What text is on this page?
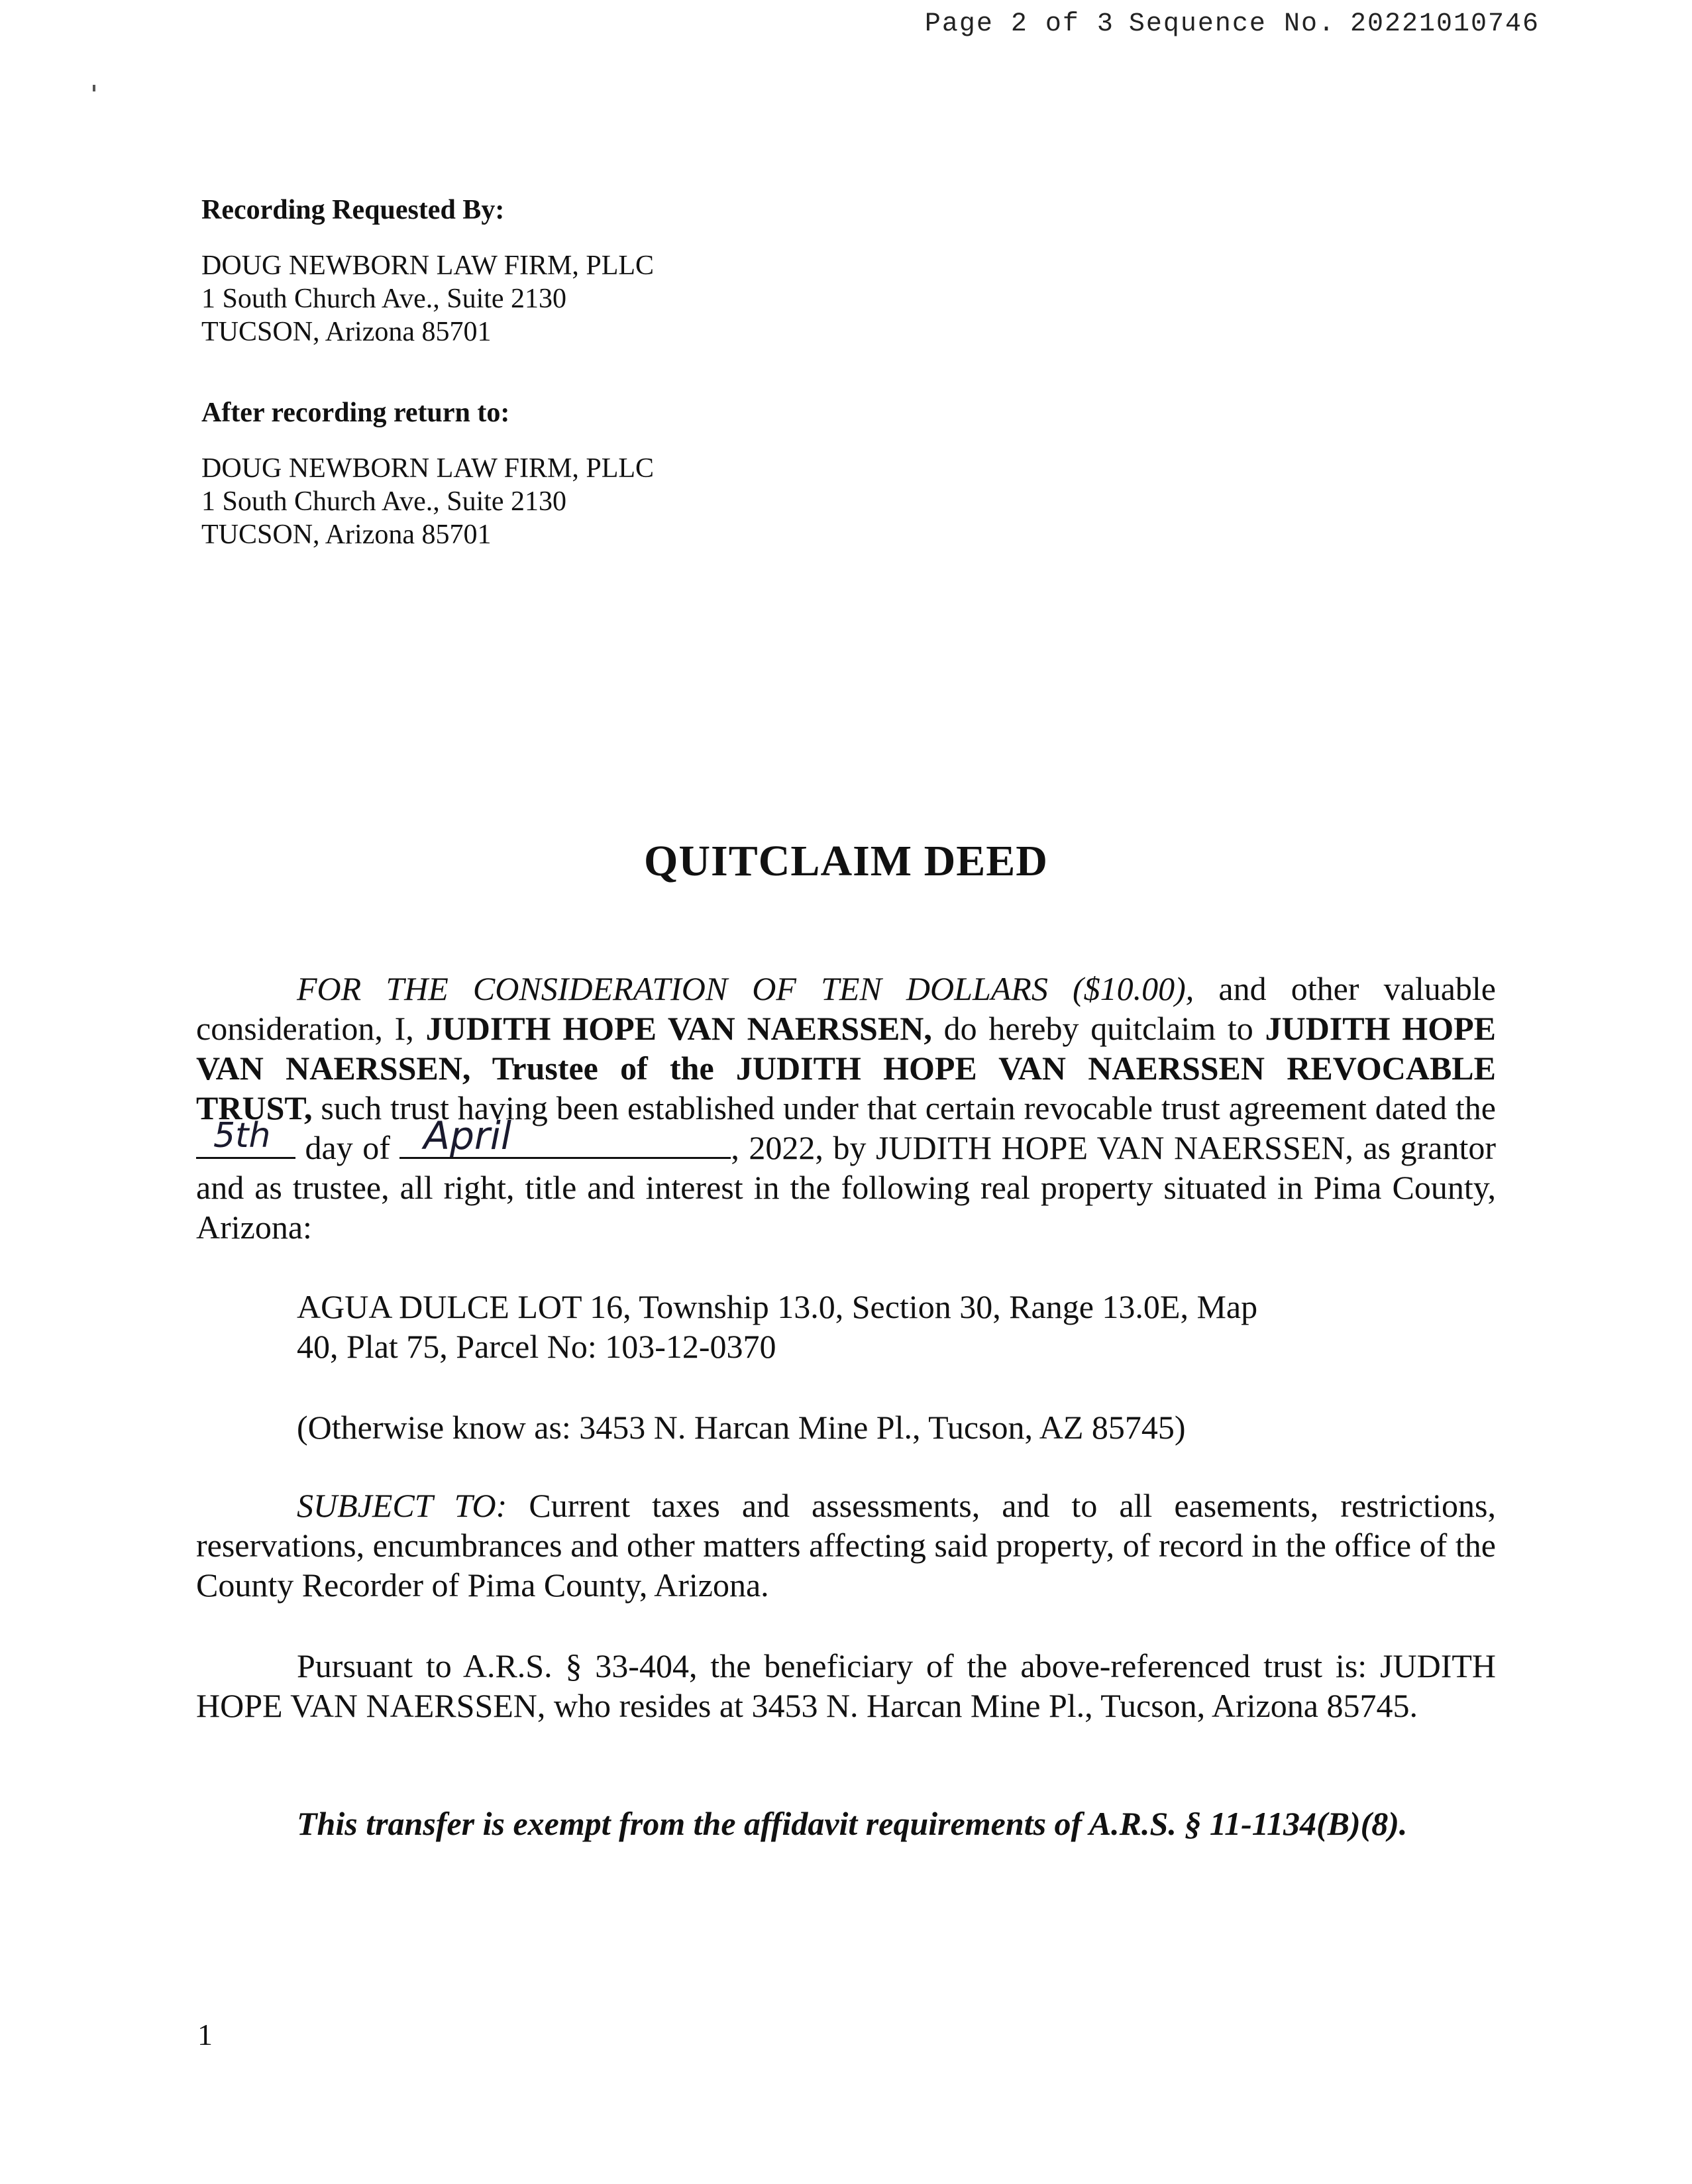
Page 2 of 3 Sequence No. 20221010746
Recording Requested By:
DOUG NEWBORN LAW FIRM, PLLC
1 South Church Ave., Suite 2130
TUCSON, Arizona 85701
After recording return to:
DOUG NEWBORN LAW FIRM, PLLC
1 South Church Ave., Suite 2130
TUCSON, Arizona 85701
QUITCLAIM DEED
FOR THE CONSIDERATION OF TEN DOLLARS ($10.00), and other valuable consideration, I, JUDITH HOPE VAN NAERSSEN, do hereby quitclaim to JUDITH HOPE VAN NAERSSEN, Trustee of the JUDITH HOPE VAN NAERSSEN REVOCABLE TRUST, such trust having been established under that certain revocable trust agreement dated the
5th day of April	, 2022, by JUDITH HOPE VAN NAERSSEN, as grantor and as trustee, all right, title and interest in the following real property situated in Pima County, Arizona:
AGUA DULCE LOT 16, Township 13.0, Section 30, Range 13.0E, Map
40, Plat 75, Parcel No: 103-12-0370
(Otherwise know as: 3453 N. Harcan Mine Pl., Tucson, AZ 85745)
SUBJECT TO: Current taxes and assessments, and to all easements, restrictions, reservations, encumbrances and other matters affecting said property, of record in the office of the County Recorder of Pima County, Arizona.
Pursuant to A.R.S. § 33-404, the beneficiary of the above-referenced trust is: JUDITH HOPE VAN NAERSSEN, who resides at 3453 N. Harcan Mine Pl., Tucson, Arizona 85745.
This transfer is exempt from the affidavit requirements of A.R.S. § 11-1134(B)(8).
1
